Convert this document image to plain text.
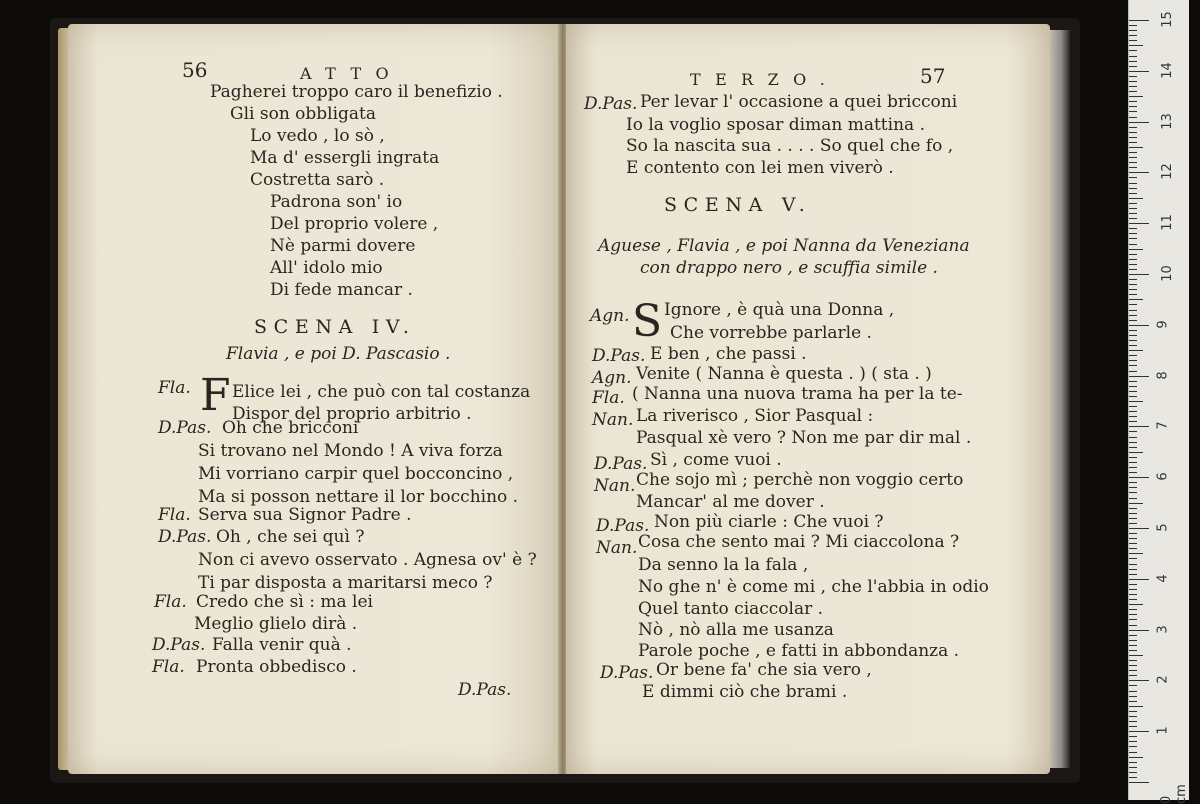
56	ATTO
Pagherei troppo caro il benefizio .
Gli son obbligata
Lo vedo , lo sò ,
Ma d' essergli ingrata
Costretta sarò .
Padrona son' io
Del proprio volere ,
Nè parmi dovere
All' idolo mio
Di fede mancar .
SCENA IV.
Flavia , e poi D. Pascasio .
Fla. F Elice lei , che può con tal costanza
Dispor del proprio arbitrio .
D.Pas. Oh che bricconi
Si trovano nel Mondo ! A viva forza
Mi vorriano carpir quel bocconcino ,
Ma si posson nettare il lor bocchino .
Fla. Serva sua Signor Padre .
D.Pas. Oh , che sei quì ?
Non ci avevo osservato . Agnesa ov' è ?
Ti par disposta a maritarsi meco ?
Fla. Credo che sì : ma lei
Meglio glielo dirà .
D.Pas. Falla venir quà .
Fla. Pronta obbedisco .
D.Pas.
TERZO.	57
D.Pas. Per levar l' occasione a quei bricconi
Io la voglio sposar diman mattina .
So la nascita sua . . . . So quel che fo ,
E contento con lei men viverò .
SCENA V.
Aguese , Flavia , e poi Nanna da Veneziana
con drappo nero , e scuffia simile .
Agn. S Ignore , è quà una Donna ,
Che vorrebbe parlarle .
D.Pas. E ben , che passi .
Agn. Venite ( Nanna è questa . ) ( sta . )
Fla. ( Nanna una nuova trama ha per la te-
Nan. La riverisco , Sior Pasqual :
Pasqual xè vero ? Non me par dir mal .
D.Pas. Sì , come vuoi .
Nan. Che sojo mì ; perchè non voggio certo
Mancar' al me dover .
D.Pas. Non più ciarle : Che vuoi ?
Nan. Cosa che sento mai ? Mi ciaccolona ?
Da senno la la fala ,
No ghe n' è come mi , che l'abbia in odio
Quel tanto ciaccolar .
Nò , nò alla me usanza
Parole poche , e fatti in abbondanza .
D.Pas. Or bene fa' che sia vero ,
E dimmi ciò che brami .
0 cm
1
2
3
4
5
6
7
8
9
10
11
12
13
14
15
